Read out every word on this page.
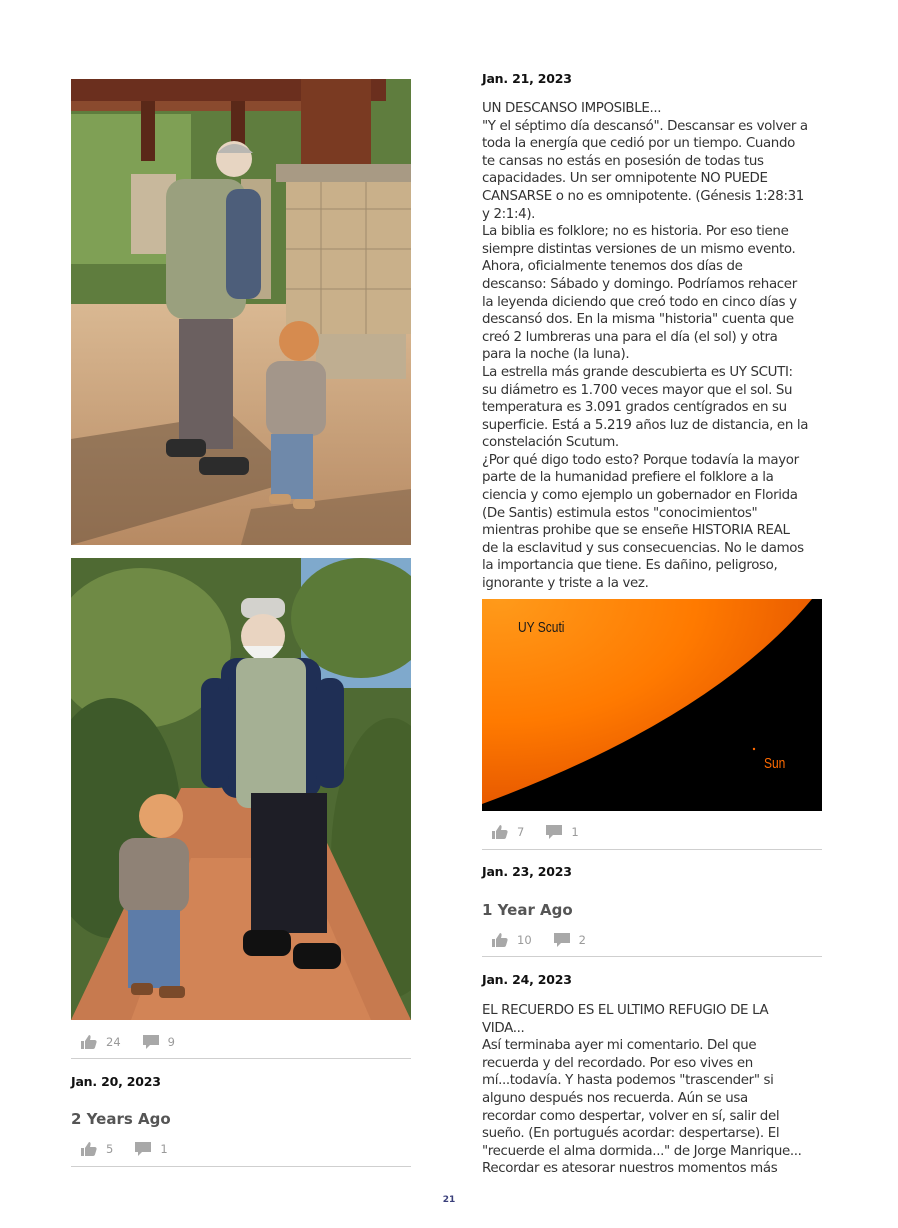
24	9
Jan. 20, 2023
2 Years Ago
5	1
Jan. 21, 2023

UN DESCANSO IMPOSIBLE...

"Y el séptimo día descansó". Descansar es volver a

toda la energía que cedió por un tiempo. Cuando

te cansas no estás en posesión de todas tus

capacidades. Un ser omnipotente NO PUEDE

CANSARSE o no es omnipotente. (Génesis 1:28:31

y 2:1:4).

La biblia es folklore; no es historia. Por eso tiene

siempre distintas versiones de un mismo evento.

Ahora, oficialmente tenemos dos días de

descanso: Sábado y domingo. Podríamos rehacer

la leyenda diciendo que creó todo en cinco días y

descansó dos. En la misma "historia" cuenta que

creó 2 lumbreras una para el día (el sol) y otra

para la noche (la luna).

La estrella más grande descubierta es UY SCUTI:

su diámetro es 1.700 veces mayor que el sol. Su

temperatura es 3.091 grados centígrados en su

superficie. Está a 5.219 años luz de distancia, en la

constelación Scutum.

¿Por qué digo todo esto? Porque todavía la mayor

parte de la humanidad prefiere el folklore a la

ciencia y como ejemplo un gobernador en Florida

(De Santis) estimula estos "conocimientos"

mientras prohibe que se enseñe HISTORIA REAL

de la esclavitud y sus consecuencias. No le damos

la importancia que tiene. Es dañino, peligroso,

ignorante y triste a la vez.

UY Scuti
Sun
7	1
Jan. 23, 2023
1 Year Ago
10	2
Jan. 24, 2023

EL RECUERDO ES EL ULTIMO REFUGIO DE LA

VIDA...

Así terminaba ayer mi comentario. Del que

recuerda y del recordado. Por eso vives en

mí...todavía. Y hasta podemos "trascender" si

alguno después nos recuerda. Aún se usa

recordar como despertar, volver en sí, salir del

sueño. (En portugués acordar: despertarse). El

"recuerde el alma dormida..." de Jorge Manrique...

Recordar es atesorar nuestros momentos más

21
